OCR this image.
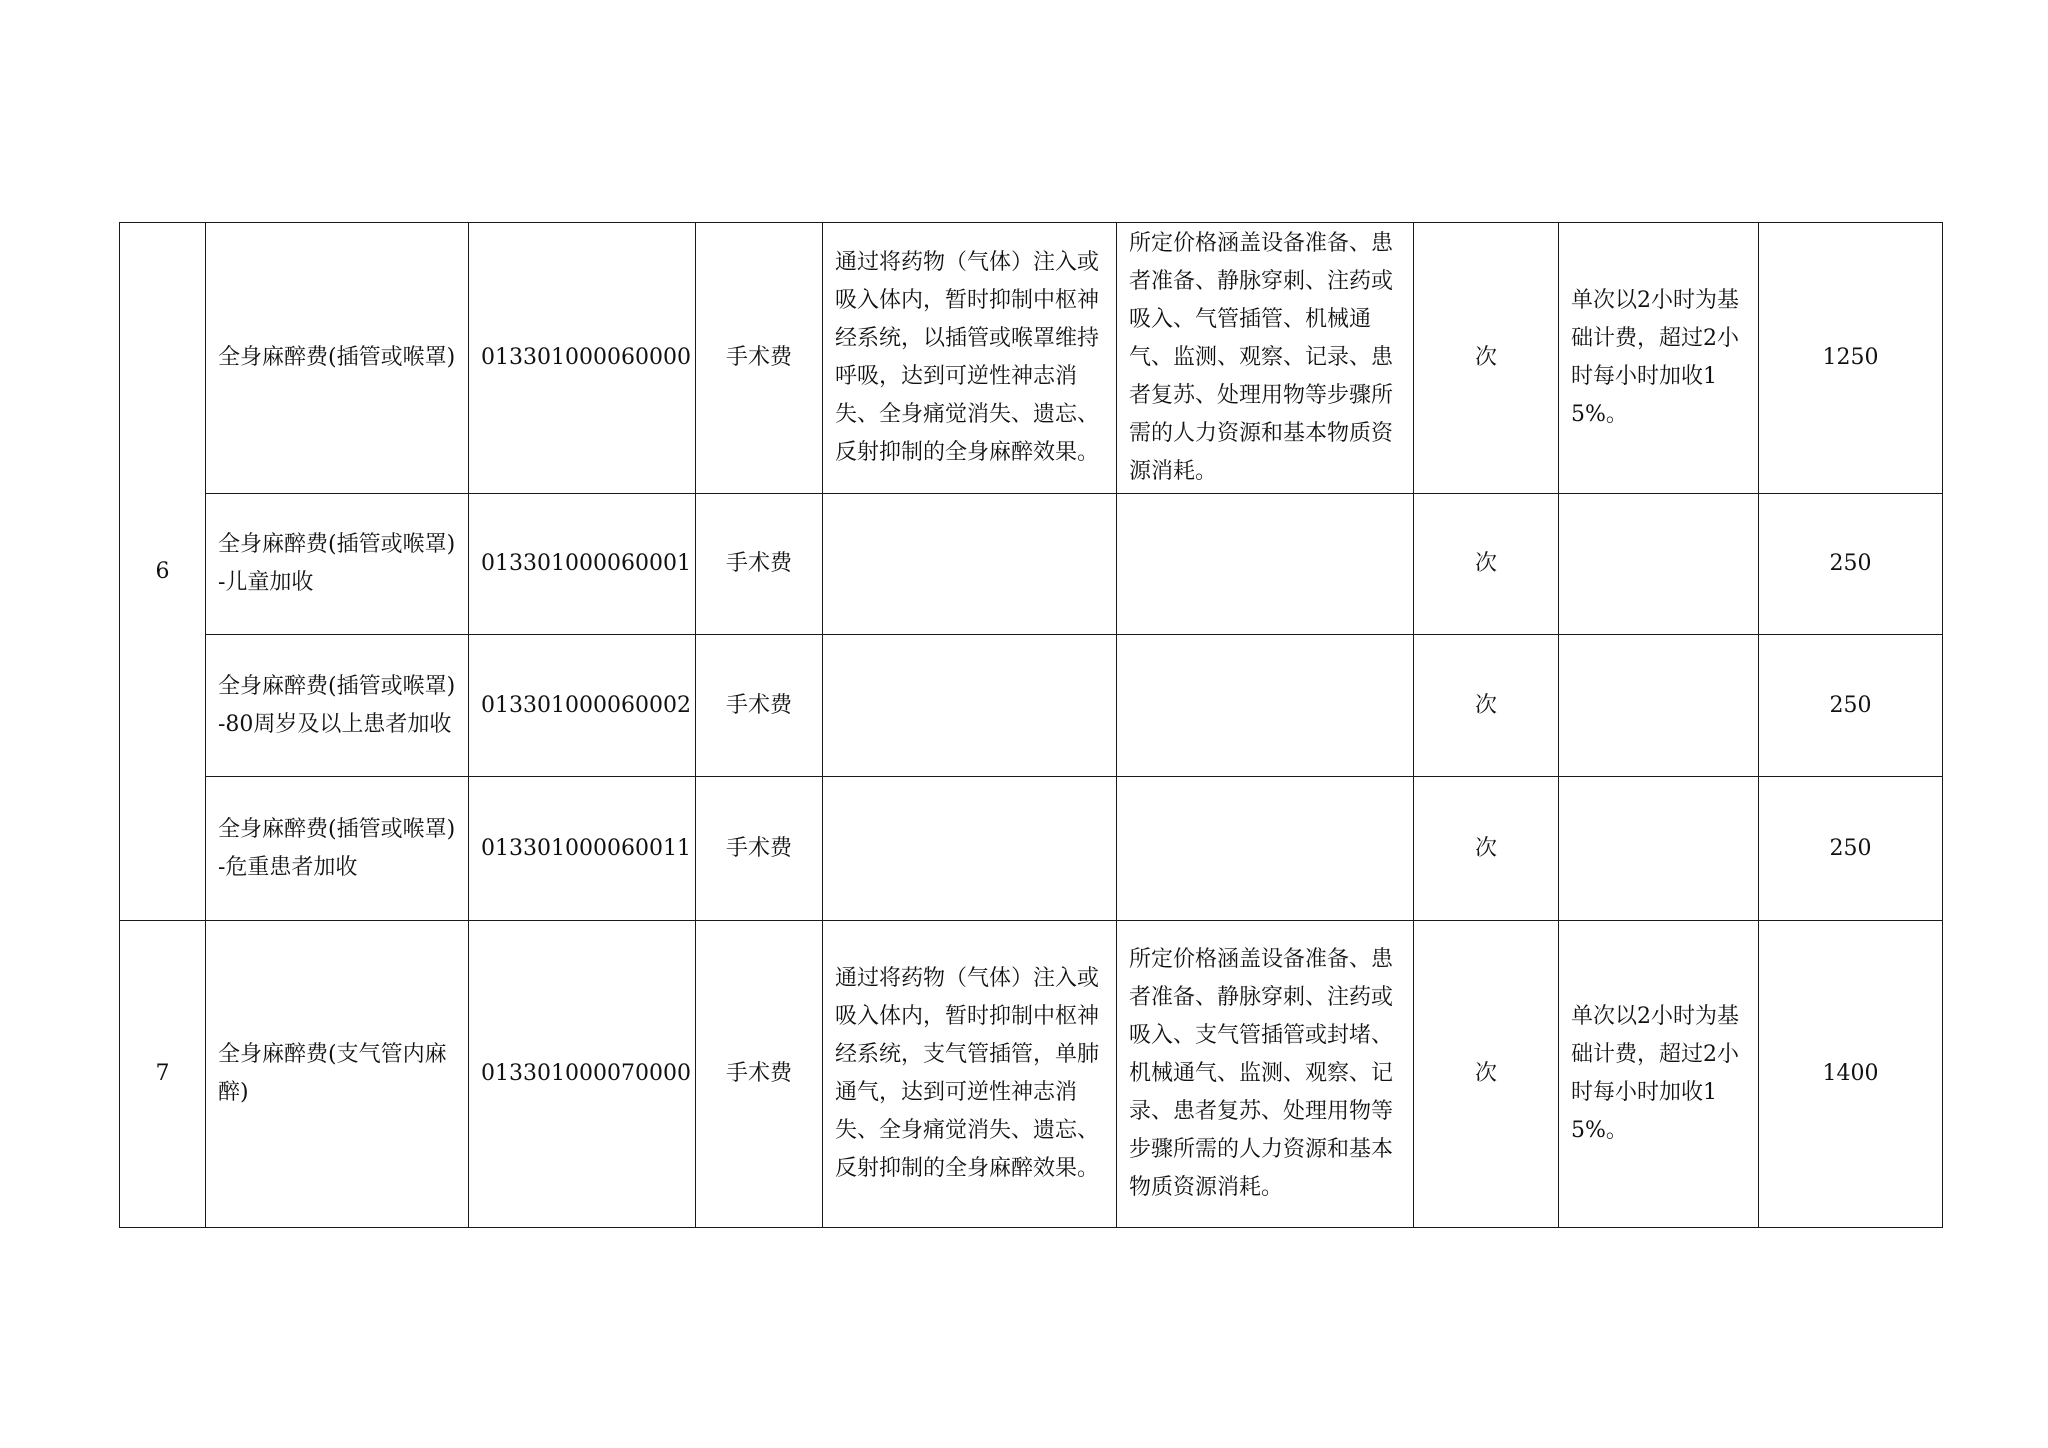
6	全身麻醉费(插管或喉罩)	013301000060000	手术费	通过将药物（气体）注入或吸入体内，暂时抑制中枢神经系统，以插管或喉罩维持呼吸，达到可逆性神志消失、全身痛觉消失、遗忘、反射抑制的全身麻醉效果。	所定价格涵盖设备准备、患者准备、静脉穿刺、注药或吸入、气管插管、机械通气、监测、观察、记录、患者复苏、处理用物等步骤所需的人力资源和基本物质资源消耗。	次	单次以2小时为基础计费，超过2小时每小时加收15%。	1250
	全身麻醉费(插管或喉罩)-儿童加收	013301000060001	手术费			次		250
	全身麻醉费(插管或喉罩)-80周岁及以上患者加收	013301000060002	手术费			次		250
	全身麻醉费(插管或喉罩)-危重患者加收	013301000060011	手术费			次		250
7	全身麻醉费(支气管内麻醉)	013301000070000	手术费	通过将药物（气体）注入或吸入体内，暂时抑制中枢神经系统，支气管插管，单肺通气，达到可逆性神志消失、全身痛觉消失、遗忘、反射抑制的全身麻醉效果。	所定价格涵盖设备准备、患者准备、静脉穿刺、注药或吸入、支气管插管或封堵、机械通气、监测、观察、记录、患者复苏、处理用物等步骤所需的人力资源和基本物质资源消耗。	次	单次以2小时为基础计费，超过2小时每小时加收15%。	1400
